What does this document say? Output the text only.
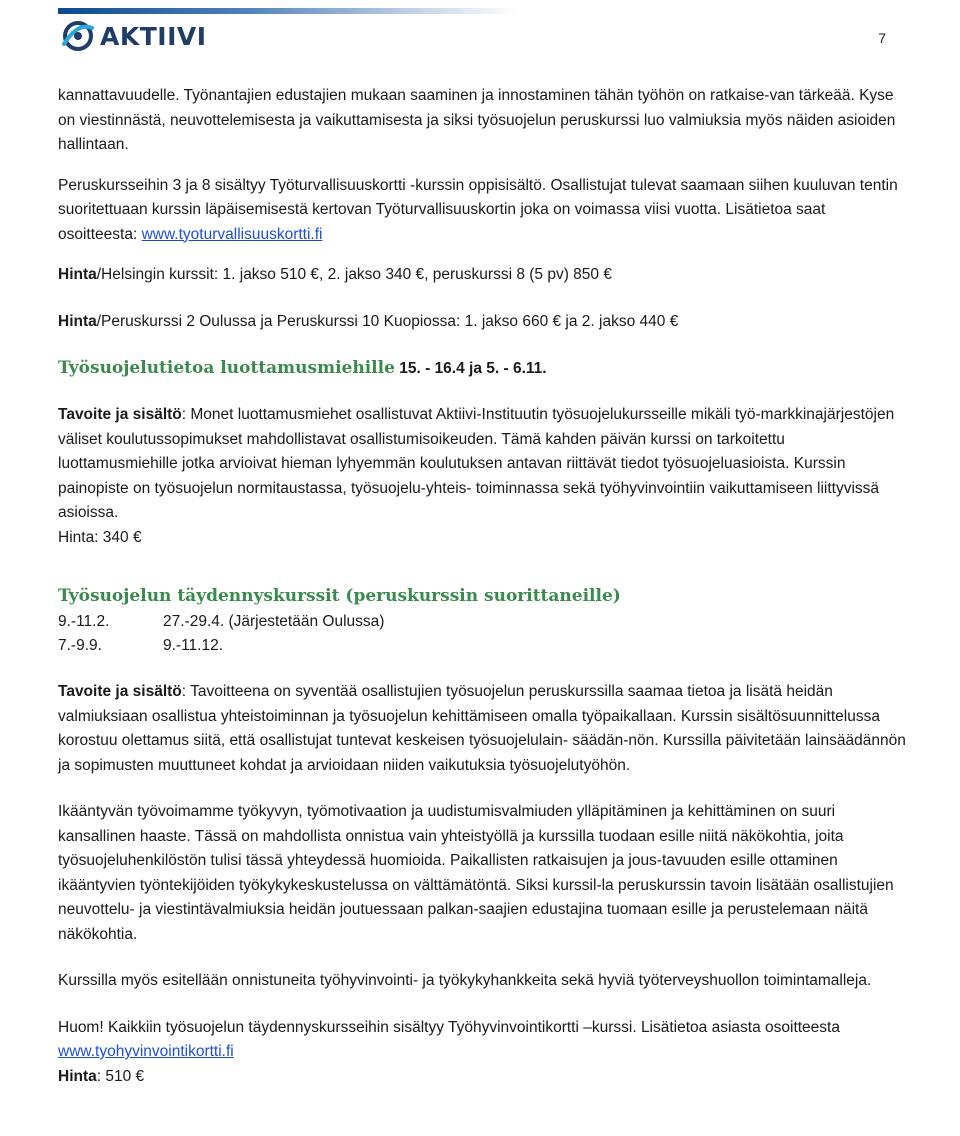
AKTIIVI	7

kannattavuudelle. Työnantajien edustajien mukaan saaminen ja innostaminen tähän työhön on ratkaise-van tärkeää. Kyse on viestinnästä, neuvottelemisesta ja vaikuttamisesta ja siksi työsuojelun peruskurssi luo valmiuksia myös näiden asioiden hallintaan.

Peruskursseihin 3 ja 8 sisältyy Työturvallisuuskortti -kurssin oppisisältö. Osallistujat tulevat saamaan siihen kuuluvan tentin suoritettuaan kurssin läpäisemisestä kertovan Työturvallisuuskortin joka on voimassa viisi vuotta. Lisätietoa saat osoitteesta: www.tyoturvallisuuskortti.fi

Hinta/Helsingin kurssit: 1. jakso 510 €, 2. jakso 340 €, peruskurssi 8 (5 pv) 850 €

Hinta/Peruskurssi 2 Oulussa ja Peruskurssi 10 Kuopiossa: 1. jakso 660 € ja 2. jakso 440 €

Työsuojelutietoa luottamusmiehille 15. - 16.4 ja 5. - 6.11.

Tavoite ja sisältö: Monet luottamusmiehet osallistuvat Aktiivi-Instituutin työsuojelukursseille mikäli työ-markkinajärjestöjen väliset koulutussopimukset mahdollistavat osallistumisoikeuden. Tämä kahden päivän kurssi on tarkoitettu luottamusmiehille jotka arvioivat hieman lyhyemmän koulutuksen antavan riittävät tiedot työsuojeluasioista. Kurssin painopiste on työsuojelun normitaustassa, työsuojelu-yhteis- toiminnassa sekä työhyvinvointiin vaikuttamiseen liittyvissä asioissa.

Hinta: 340 €

Työsuojelun täydennyskurssit (peruskurssin suorittaneille)
9.-11.2.	27.-29.4. (Järjestetään Oulussa)
7.-9.9.	9.-11.12.

Tavoite ja sisältö: Tavoitteena on syventää osallistujien työsuojelun peruskurssilla saamaa tietoa ja lisätä heidän valmiuksiaan osallistua yhteistoiminnan ja työsuojelun kehittämiseen omalla työpaikallaan. Kurssin sisältösuunnittelussa korostuu olettamus siitä, että osallistujat tuntevat keskeisen työsuojelulain- säädän-nön. Kurssilla päivitetään lainsäädännön ja sopimusten muuttuneet kohdat ja arvioidaan niiden vaikutuksia työsuojelutyöhön.

Ikääntyvän työvoimamme työkyvyn, työmotivaation ja uudistumisvalmiuden ylläpitäminen ja kehittäminen on suuri kansallinen haaste. Tässä on mahdollista onnistua vain yhteistyöllä ja kurssilla tuodaan esille niitä näkökohtia, joita työsuojeluhenkilöstön tulisi tässä yhteydessä huomioida. Paikallisten ratkaisujen ja jous-tavuuden esille ottaminen ikääntyvien työntekijöiden työkykykeskustelussa on välttämätöntä. Siksi kurssil-la peruskurssin tavoin lisätään osallistujien neuvottelu- ja viestintävalmiuksia heidän joutuessaan palkan-saajien edustajina tuomaan esille ja perustelemaan näitä näkökohtia.

Kurssilla myös esitellään onnistuneita työhyvinvointi- ja työkykyhankkeita sekä hyviä työterveyshuollon toimintamalleja.

Huom! Kaikkiin työsuojelun täydennyskursseihin sisältyy Työhyvinvointikortti –kurssi. Lisätietoa asiasta osoitteesta www.tyohyvinvointikortti.fi

Hinta: 510 €
